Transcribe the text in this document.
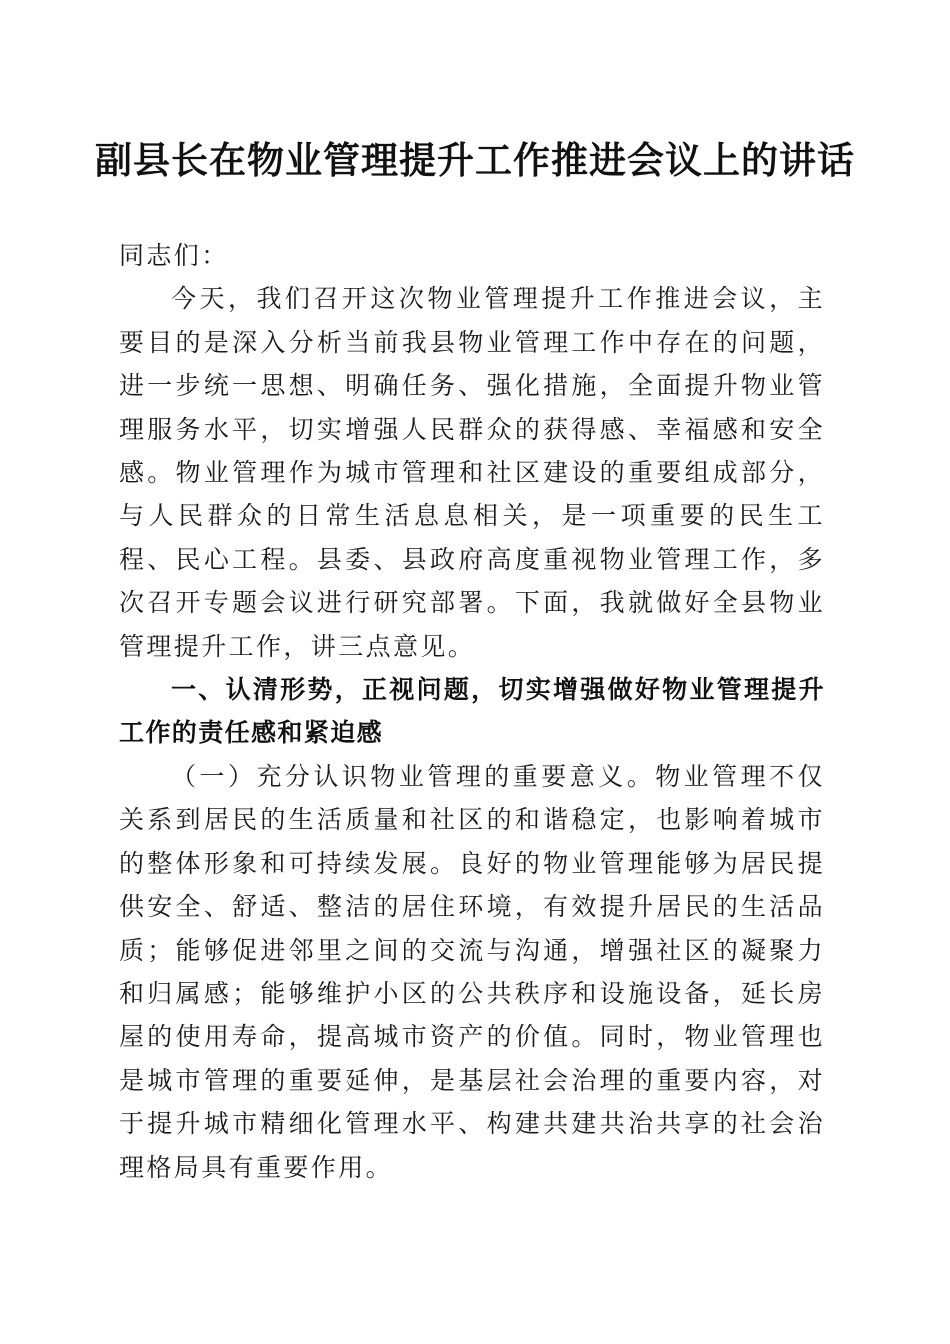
副县长在物业管理提升工作推进会议上的讲话

同志们：

今天，我们召开这次物业管理提升工作推进会议，主要目的是深入分析当前我县物业管理工作中存在的问题，进一步统一思想、明确任务、强化措施，全面提升物业管理服务水平，切实增强人民群众的获得感、幸福感和安全感。物业管理作为城市管理和社区建设的重要组成部分，与人民群众的日常生活息息相关，是一项重要的民生工程、民心工程。县委、县政府高度重视物业管理工作，多次召开专题会议进行研究部署。下面，我就做好全县物业管理提升工作，讲三点意见。

一、认清形势，正视问题，切实增强做好物业管理提升工作的责任感和紧迫感

（一）充分认识物业管理的重要意义。物业管理不仅关系到居民的生活质量和社区的和谐稳定，也影响着城市的整体形象和可持续发展。良好的物业管理能够为居民提供安全、舒适、整洁的居住环境，有效提升居民的生活品质；能够促进邻里之间的交流与沟通，增强社区的凝聚力和归属感；能够维护小区的公共秩序和设施设备，延长房屋的使用寿命，提高城市资产的价值。同时，物业管理也是城市管理的重要延伸，是基层社会治理的重要内容，对于提升城市精细化管理水平、构建共建共治共享的社会治理格局具有重要作用。
